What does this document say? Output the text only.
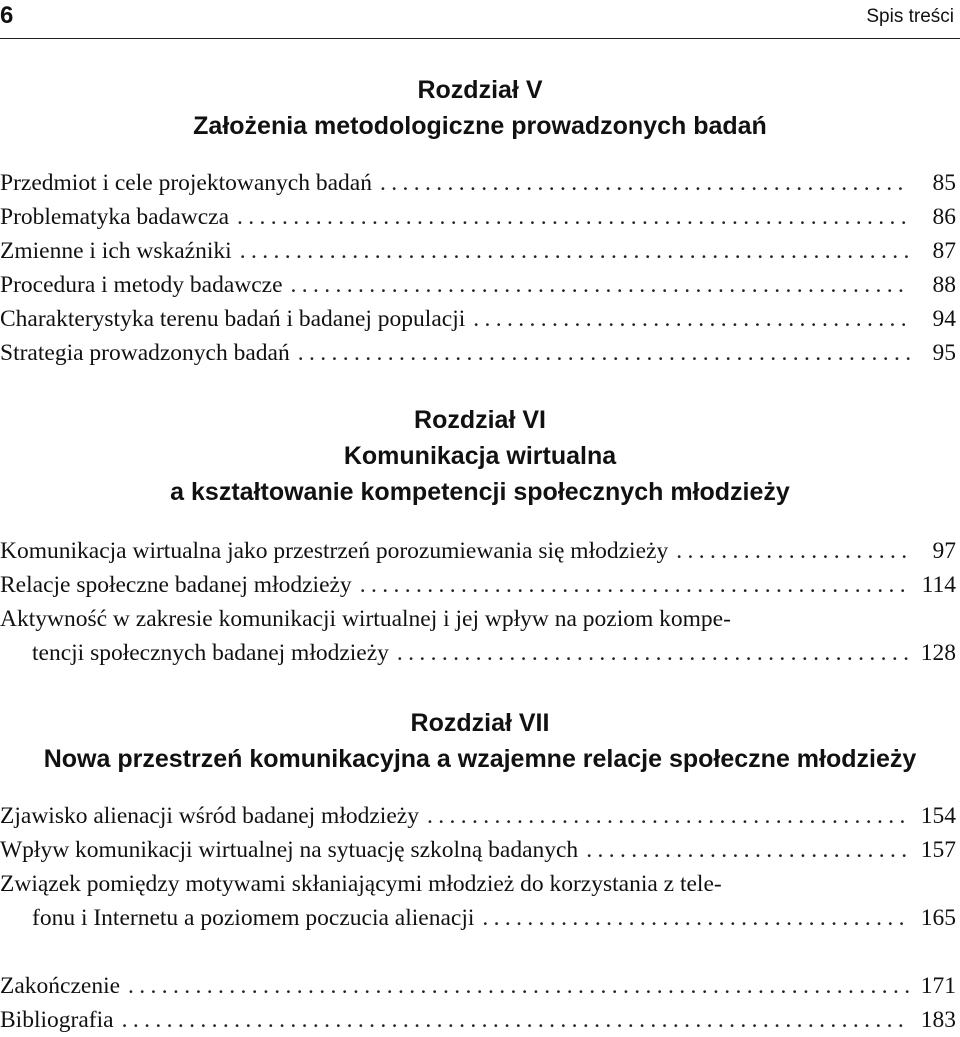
6	Spis treści
Rozdział V
Założenia metodologiczne prowadzonych badań
Przedmiot i cele projektowanych badań . . .	85
Problematyka badawcza . . .	86
Zmienne i ich wskaźniki . . .	87
Procedura i metody badawcze . . .	88
Charakterystyka terenu badań i badanej populacji . . .	94
Strategia prowadzonych badań . . .	95
Rozdział VI
Komunikacja wirtualna
a kształtowanie kompetencji społecznych młodzieży
Komunikacja wirtualna jako przestrzeń porozumiewania się młodzieży . . .	97
Relacje społeczne badanej młodzieży . . .	114
Aktywność w zakresie komunikacji wirtualnej i jej wpływ na poziom kompe-
tencji społecznych badanej młodzieży . . .	128
Rozdział VII
Nowa przestrzeń komunikacyjna a wzajemne relacje społeczne młodzieży
Zjawisko alienacji wśród badanej młodzieży . . .	154
Wpływ komunikacji wirtualnej na sytuację szkolną badanych . . .	157
Związek pomiędzy motywami skłaniającymi młodzież do korzystania z tele-
fonu i Internetu a poziomem poczucia alienacji . . .	165
Zakończenie . . .	171
Bibliografia . . .	183
